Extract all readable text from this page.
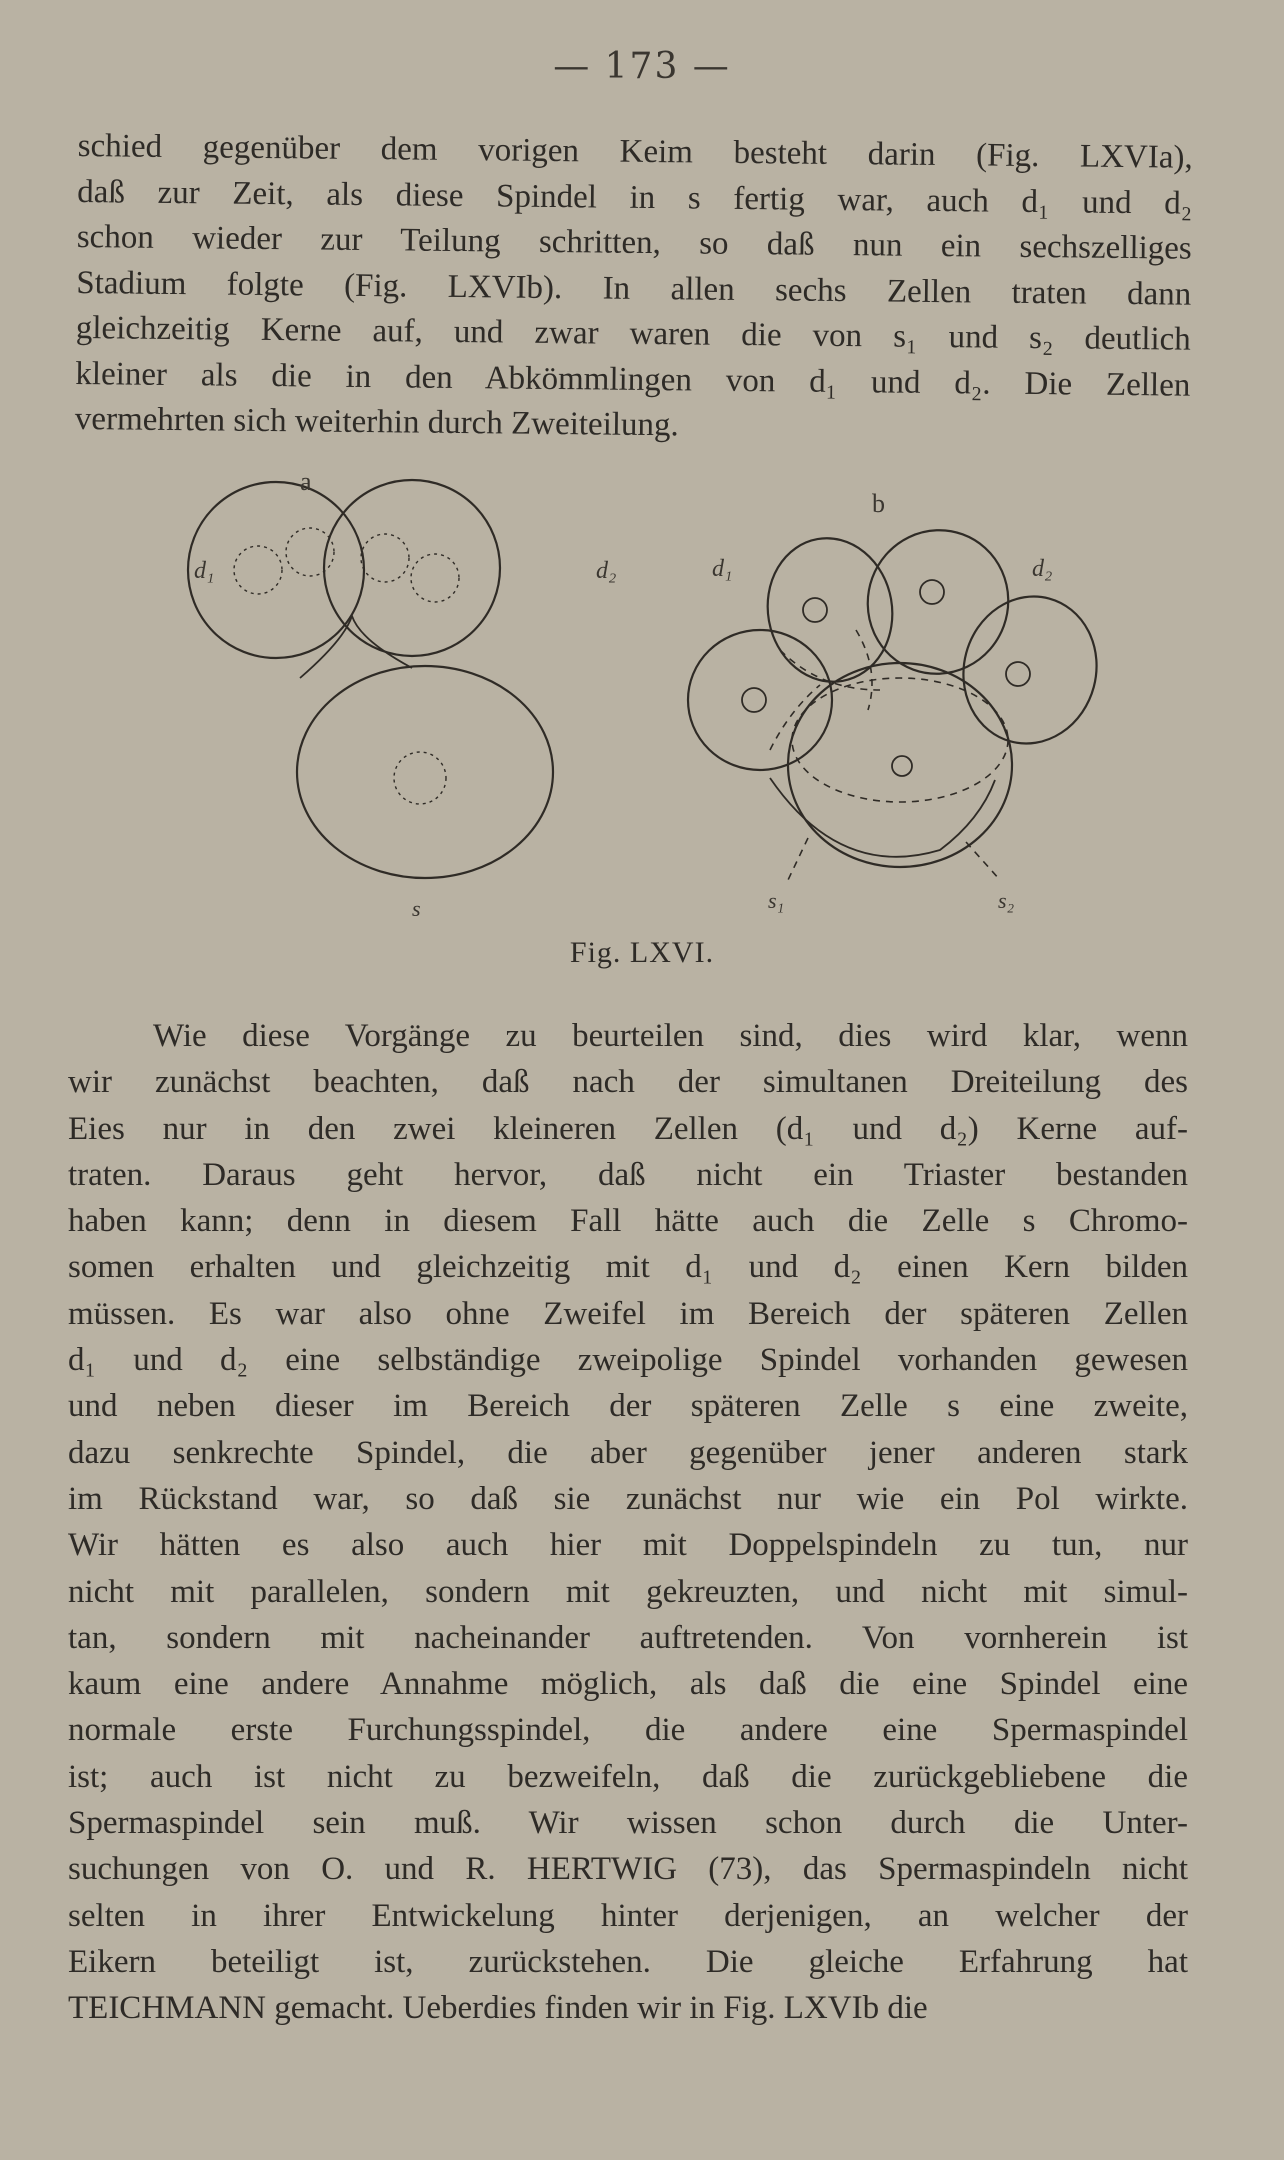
— 173 —
schied gegenüber dem vorigen Keim besteht darin (Fig. LXVIa),
daß zur Zeit, als diese Spindel in s fertig war, auch d₁ und d₂
schon wieder zur Teilung schritten, so daß nun ein sechszelliges
Stadium folgte (Fig. LXVIb). In allen sechs Zellen traten dann
gleichzeitig Kerne auf, und zwar waren die von s₁ und s₂ deutlich
kleiner als die in den Abkömmlingen von d₁ und d₂. Die Zellen
vermehrten sich weiterhin durch Zweiteilung.
a
d₁	d₂
s
b
d₁	d₂
s₁	s₂
Fig. LXVI.
Wie diese Vorgänge zu beurteilen sind, dies wird klar, wenn
wir zunächst beachten, daß nach der simultanen Dreiteilung des
Eies nur in den zwei kleineren Zellen (d₁ und d₂) Kerne auf-
traten. Daraus geht hervor, daß nicht ein Triaster bestanden
haben kann; denn in diesem Fall hätte auch die Zelle s Chromo-
somen erhalten und gleichzeitig mit d₁ und d₂ einen Kern bilden
müssen. Es war also ohne Zweifel im Bereich der späteren Zellen
d₁ und d₂ eine selbständige zweipolige Spindel vorhanden gewesen
und neben dieser im Bereich der späteren Zelle s eine zweite,
dazu senkrechte Spindel, die aber gegenüber jener anderen stark
im Rückstand war, so daß sie zunächst nur wie ein Pol wirkte.
Wir hätten es also auch hier mit Doppelspindeln zu tun, nur
nicht mit parallelen, sondern mit gekreuzten, und nicht mit simul-
tan, sondern mit nacheinander auftretenden. Von vornherein ist
kaum eine andere Annahme möglich, als daß die eine Spindel eine
normale erste Furchungsspindel, die andere eine Spermaspindel
ist; auch ist nicht zu bezweifeln, daß die zurückgebliebene die
Spermaspindel sein muß. Wir wissen schon durch die Unter-
suchungen von O. und R. HERTWIG (73), das Spermaspindeln nicht
selten in ihrer Entwickelung hinter derjenigen, an welcher der
Eikern beteiligt ist, zurückstehen. Die gleiche Erfahrung hat
TEICHMANN gemacht. Ueberdies finden wir in Fig. LXVIb die
